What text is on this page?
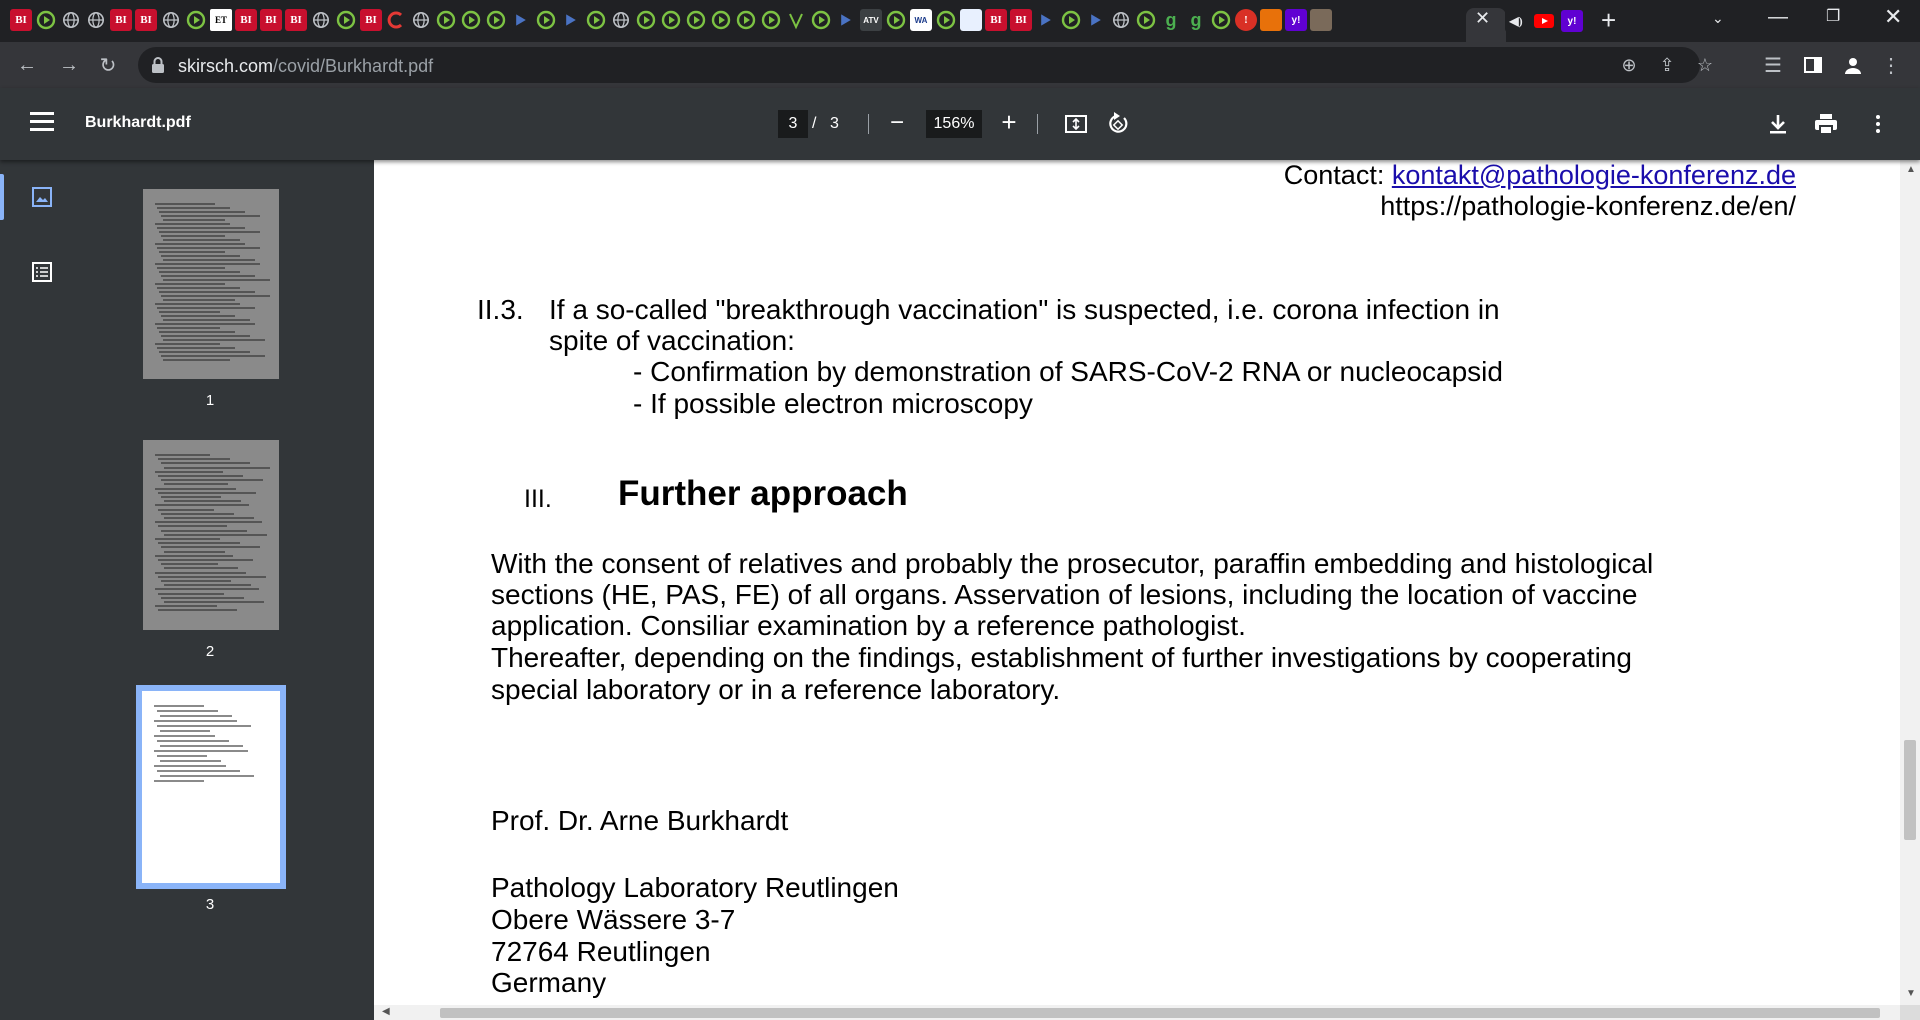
BI	BI	BI	ET	BI	BI	BI	BI	ATV	WA	BI	BI	g g	!	y!	✕	◀)	y! +	⌄ — ❐ ✕
← →	↻	skirsch.com/covid/Burkhardt.pdf	⊕	⇪	☆	☰	⋮
Burkhardt.pdf	3 / 3 −	156% +
1
2
3
Contact: kontakt@pathologie-konferenz.de
https://pathologie-konferenz.de/en/
II.3. If a so-called "breakthrough vaccination" is suspected, i.e. corona infection in
spite of vaccination:
- Confirmation by demonstration of SARS-CoV-2 RNA or nucleocapsid
- If possible electron microscopy
III. Further approach
With the consent of relatives and probably the prosecutor, paraffin embedding and histological
sections (HE, PAS, FE) of all organs. Asservation of lesions, including the location of vaccine
application. Consiliar examination by a reference pathologist.
Thereafter, depending on the findings, establishment of further investigations by cooperating
special laboratory or in a reference laboratory.
Prof. Dr. Arne Burkhardt
Pathology Laboratory Reutlingen
Obere Wässere 3-7
72764 Reutlingen
Germany
▲
▼
◀
